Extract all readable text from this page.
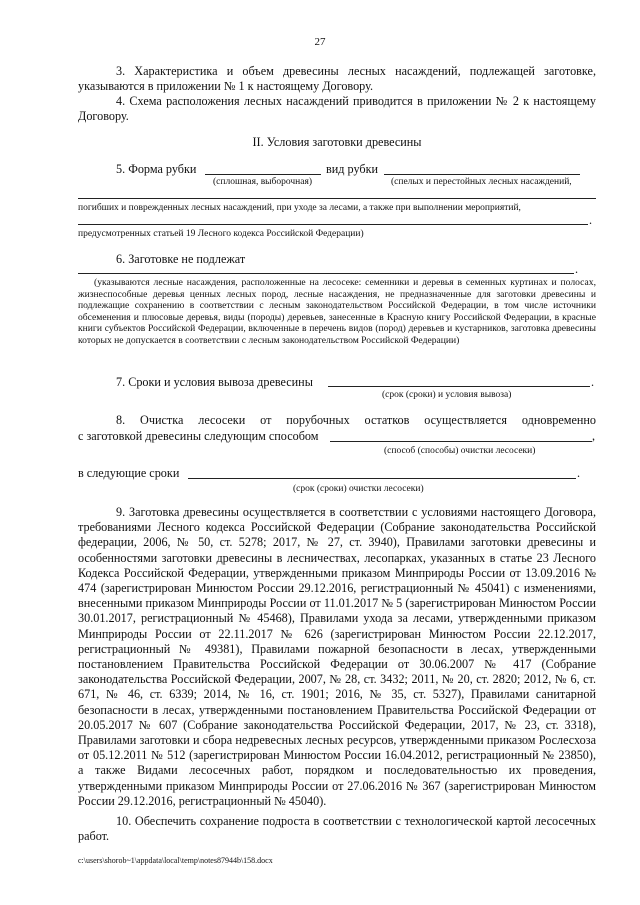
27

3. Характеристика и объем древесины лесных насаждений, подлежащей заготовке, указываются в приложении № 1 к настоящему Договору.

4. Схема расположения лесных насаждений приводится в приложении № 2 к настоящему Договору.

II. Условия заготовки древесины

5. Форма рубки	вид рубки
(сплошная, выборочная)	(спелых и перестойных лесных насаждений,
погибших и поврежденных лесных насаждений, при уходе за лесами, а также при выполнении мероприятий,
.
предусмотренных статьей 19 Лесного кодекса Российской Федерации)
6. Заготовке не подлежат
.

(указываются лесные насаждения, расположенные на лесосеке: семенники и деревья в семенных куртинах и полосах, жизнеспособные деревья ценных лесных пород, лесные насаждения, не предназначенные для заготовки древесины и подлежащие сохранению в соответствии с лесным законодательством Российской Федерации, в том числе источники обсеменения и плюсовые деревья, виды (породы) деревьев, занесенные в Красную книгу Российской Федерации, в красные книги субъектов Российской Федерации, включенные в перечень видов (пород) деревьев и кустарников, заготовка древесины которых не допускается в соответствии с лесным законодательством Российской Федерации)

7. Сроки и условия вывоза древесины	.
(срок (сроки) и условия вывоза)

8. Очистка лесосеки от порубочных остатков осуществляется одновременно

с заготовкой древесины следующим способом	,
(способ (способы) очистки лесосеки)
в следующие сроки	.
(срок (сроки) очистки лесосеки)

9. Заготовка древесины осуществляется в соответствии с условиями настоящего Договора, требованиями Лесного кодекса Российской Федерации (Собрание законодательства Российской федерации, 2006, № 50, ст. 5278; 2017, № 27, ст. 3940), Правилами заготовки древесины и особенностями заготовки древесины в лесничествах, лесопарках, указанных в статье 23 Лесного Кодекса Российской Федерации, утвержденными приказом Минприроды России от 13.09.2016 № 474 (зарегистрирован Минюстом России 29.12.2016, регистрационный № 45041) с изменениями, внесенными приказом Минприроды России от 11.01.2017 № 5 (зарегистрирован Минюстом России 30.01.2017, регистрационный № 45468), Правилами ухода за лесами, утвержденными приказом Минприроды России от 22.11.2017 № 626 (зарегистрирован Минюстом России 22.12.2017, регистрационный № 49381), Правилами пожарной безопасности в лесах, утвержденными постановлением Правительства Российской Федерации от 30.06.2007 № 417 (Собрание законодательства Российской Федерации, 2007, № 28, ст. 3432; 2011, № 20, ст. 2820; 2012, № 6, ст. 671, № 46, ст. 6339; 2014, № 16, ст. 1901; 2016, № 35, ст. 5327), Правилами санитарной безопасности в лесах, утвержденными постановлением Правительства Российской Федерации от 20.05.2017 № 607 (Собрание законодательства Российской Федерации, 2017, № 23, ст. 3318), Правилами заготовки и сбора недревесных лесных ресурсов, утвержденными приказом Рослесхоза от 05.12.2011 № 512 (зарегистрирован Минюстом России 16.04.2012, регистрационный № 23850), а также Видами лесосечных работ, порядком и последовательностью их проведения, утвержденными приказом Минприроды России от 27.06.2016 № 367 (зарегистрирован Минюстом России 29.12.2016, регистрационный № 45040).

10. Обеспечить сохранение подроста в соответствии с технологической картой лесосечных работ.

c:\users\shorob~1\appdata\local\temp\notes87944b\158.docx
